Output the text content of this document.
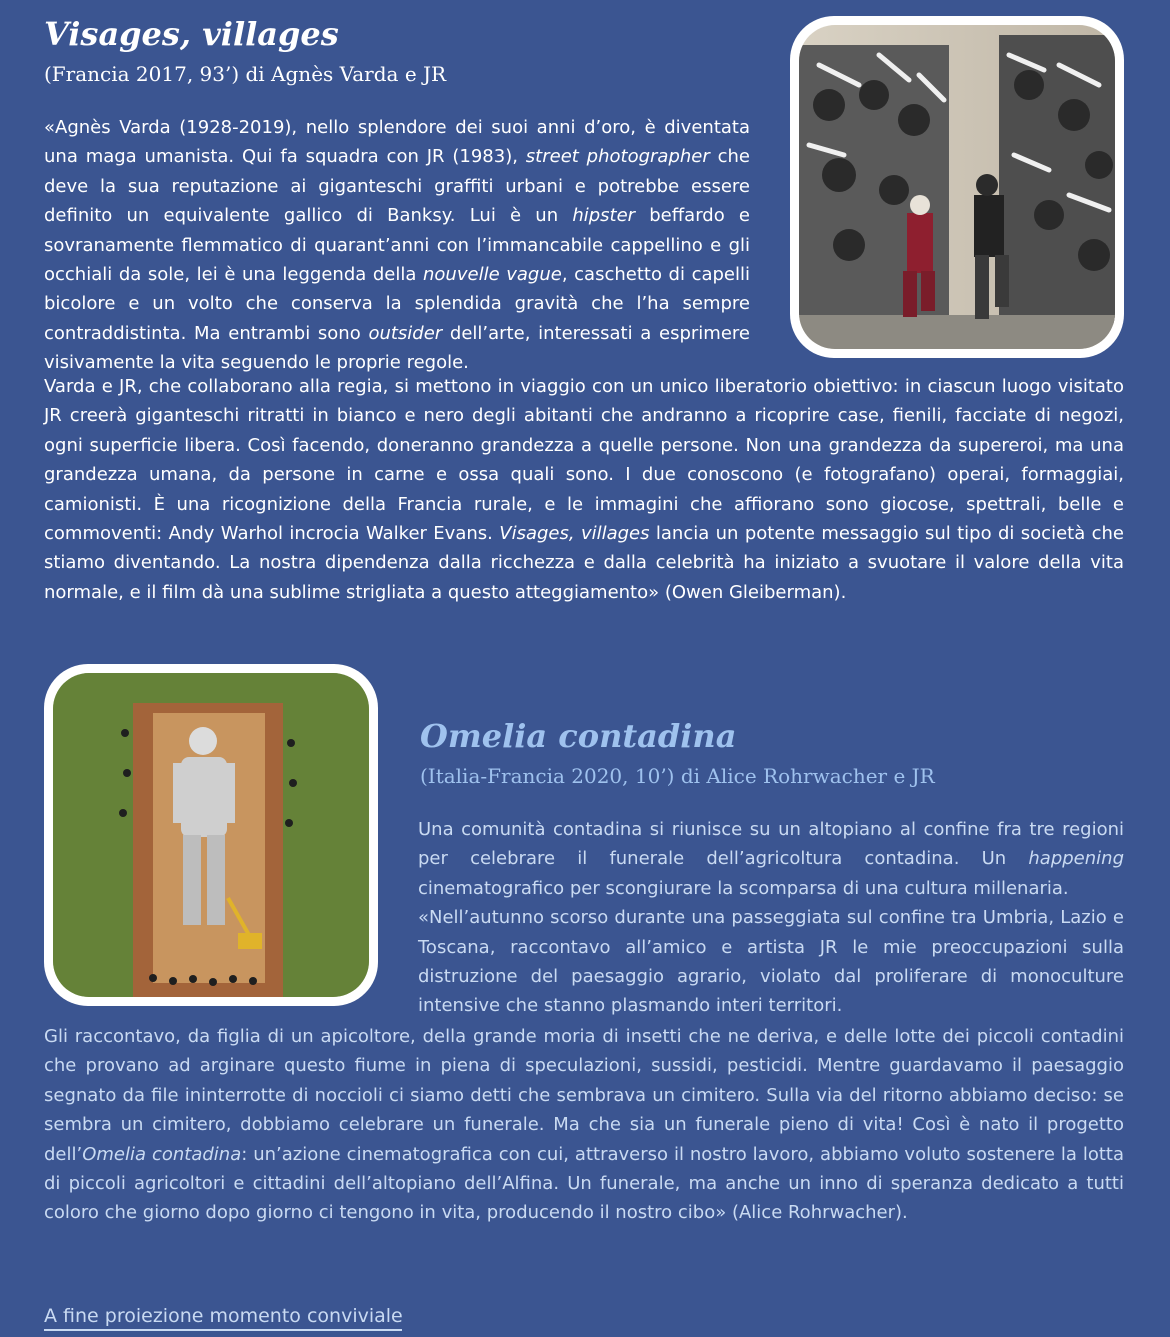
Visages, villages
(Francia 2017, 93’) di Agnès Varda e JR

«Agnès Varda (1928-2019), nello splendore dei suoi anni d’oro, è diventata una maga umanista. Qui fa squadra con JR (1983), street photographer che deve la sua reputazione ai giganteschi graffiti urbani e potrebbe essere definito un equivalente gallico di Banksy. Lui è un hipster beffardo e sovranamente flemmatico di quarant’anni con l’immancabile cappellino e gli occhiali da sole, lei è una leggenda della nouvelle vague, caschetto di capelli bicolore e un volto che conserva la splendida gravità che l’ha sempre contraddistinta. Ma entrambi sono outsider dell’arte, interessati a esprimere visivamente la vita seguendo le proprie regole.

Varda e JR, che collaborano alla regia, si mettono in viaggio con un unico liberatorio obiettivo: in ciascun luogo visitato JR creerà giganteschi ritratti in bianco e nero degli abitanti che andranno a ricoprire case, fienili, facciate di negozi, ogni superficie libera. Così facendo, doneranno grandezza a quelle persone. Non una grandezza da supereroi, ma una grandezza umana, da persone in carne e ossa quali sono. I due conoscono (e fotografano) operai, formaggiai, camionisti. È una ricognizione della Francia rurale, e le immagini che affiorano sono giocose, spettrali, belle e commoventi: Andy Warhol incrocia Walker Evans. Visages, villages lancia un potente messaggio sul tipo di società che stiamo diventando. La nostra dipendenza dalla ricchezza e dalla celebrità ha iniziato a svuotare il valore della vita normale, e il film dà una sublime strigliata a questo atteggiamento» (Owen Gleiberman).

Omelia contadina
(Italia-Francia 2020, 10’) di Alice Rohrwacher e JR

Una comunità contadina si riunisce su un altopiano al confine fra tre regioni per celebrare il funerale dell’agricoltura contadina. Un happening cinematografico per scongiurare la scomparsa di una cultura millenaria.

«Nell’autunno scorso durante una passeggiata sul confine tra Umbria, Lazio e Toscana, raccontavo all’amico e artista JR le mie preoccupazioni sulla distruzione del paesaggio agrario, violato dal proliferare di monoculture intensive che stanno plasmando interi territori.

Gli raccontavo, da figlia di un apicoltore, della grande moria di insetti che ne deriva, e delle lotte dei piccoli contadini che provano ad arginare questo fiume in piena di speculazioni, sussidi, pesticidi. Mentre guardavamo il paesaggio segnato da file ininterrotte di noccioli ci siamo detti che sembrava un cimitero. Sulla via del ritorno abbiamo deciso: se sembra un cimitero, dobbiamo celebrare un funerale. Ma che sia un funerale pieno di vita! Così è nato il progetto dell’Omelia contadina: un’azione cinematografica con cui, attraverso il nostro lavoro, abbiamo voluto sostenere la lotta di piccoli agricoltori e cittadini dell’altopiano dell’Alfina. Un funerale, ma anche un inno di speranza dedicato a tutti coloro che giorno dopo giorno ci tengono in vita, producendo il nostro cibo» (Alice Rohrwacher).

A fine proiezione momento conviviale
